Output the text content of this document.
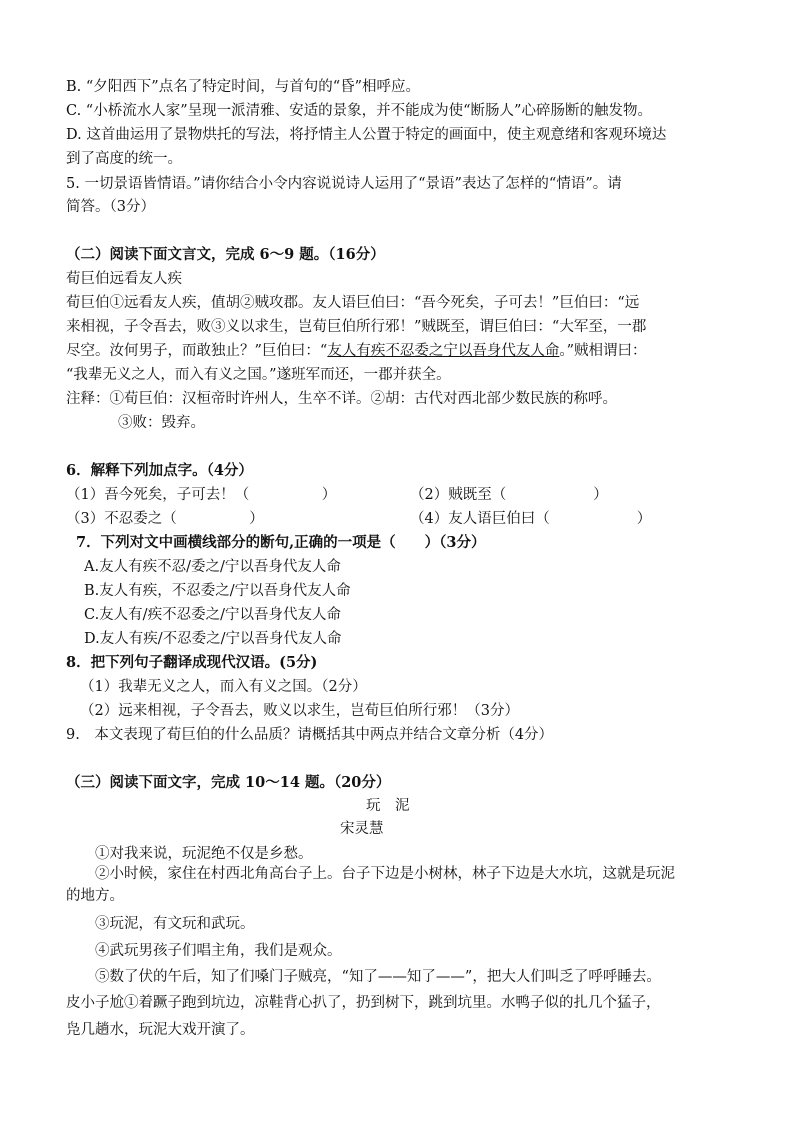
B. “夕阳西下”点名了特定时间，与首句的“昏”相呼应。
C. “小桥流水人家”呈现一派清雅、安适的景象，并不能成为使“断肠人”心碎肠断的触发物。
D. 这首曲运用了景物烘托的写法，将抒情主人公置于特定的画面中，使主观意绪和客观环境达
到了高度的统一。
5. 一切景语皆情语。”请你结合小令内容说说诗人运用了“景语”表达了怎样的“情语”。请
简答。（3分）
（二）阅读下面文言文，完成 6～9 题。（16分）
荀巨伯远看友人疾
荀巨伯①远看友人疾，值胡②贼攻郡。友人语巨伯曰：“吾今死矣，子可去！”巨伯曰：“远
来相视，子令吾去，败③义以求生，岂荀巨伯所行邪！”贼既至，谓巨伯曰：“大军至，一郡
尽空。汝何男子，而敢独止？”巨伯曰：“友人有疾不忍委之宁以吾身代友人命。”贼相谓曰：
“我辈无义之人，而入有义之国。”遂班军而还，一郡并获全。
注释：①荀巨伯：汉桓帝时许州人，生卒不详。②胡：古代对西北部少数民族的称呼。
③败：毁弃。
6．解释下列加点字。（4分）
（1）吾今死矣，子可去！（　　　　　）	（2）贼既至（　　　　　　）
（3）不忍委之（　　　　　）	（4）友人语巨伯曰（　　　　　　）
7．下列对文中画横线部分的断句,正确的一项是（　　）（3分）
A.友人有疾不忍/委之/宁以吾身代友人命
B.友人有疾，不忍委之/宁以吾身代友人命
C.友人有/疾不忍委之/宁以吾身代友人命
D.友人有疾/不忍委之/宁以吾身代友人命
8．把下列句子翻译成现代汉语。(5分)
（1）我辈无义之人，而入有义之国。（2分）
（2）远来相视，子令吾去，败义以求生，岂荀巨伯所行邪！（3分）
9.　本文表现了荀巨伯的什么品质？请概括其中两点并结合文章分析（4分）
（三）阅读下面文字，完成 10～14 题。（20分）
玩　泥
宋灵慧
①对我来说，玩泥绝不仅是乡愁。
②小时候，家住在村西北角高台子上。台子下边是小树林，林子下边是大水坑，这就是玩泥
的地方。
③玩泥，有文玩和武玩。
④武玩男孩子们唱主角，我们是观众。
⑤数了伏的午后，知了们嗓门子贼亮，“知了——知了——”，把大人们叫乏了呼呼睡去。
皮小子尬①着蹶子跑到坑边，凉鞋背心扒了，扔到树下，跳到坑里。水鸭子似的扎几个猛子，
凫几趟水，玩泥大戏开演了。
